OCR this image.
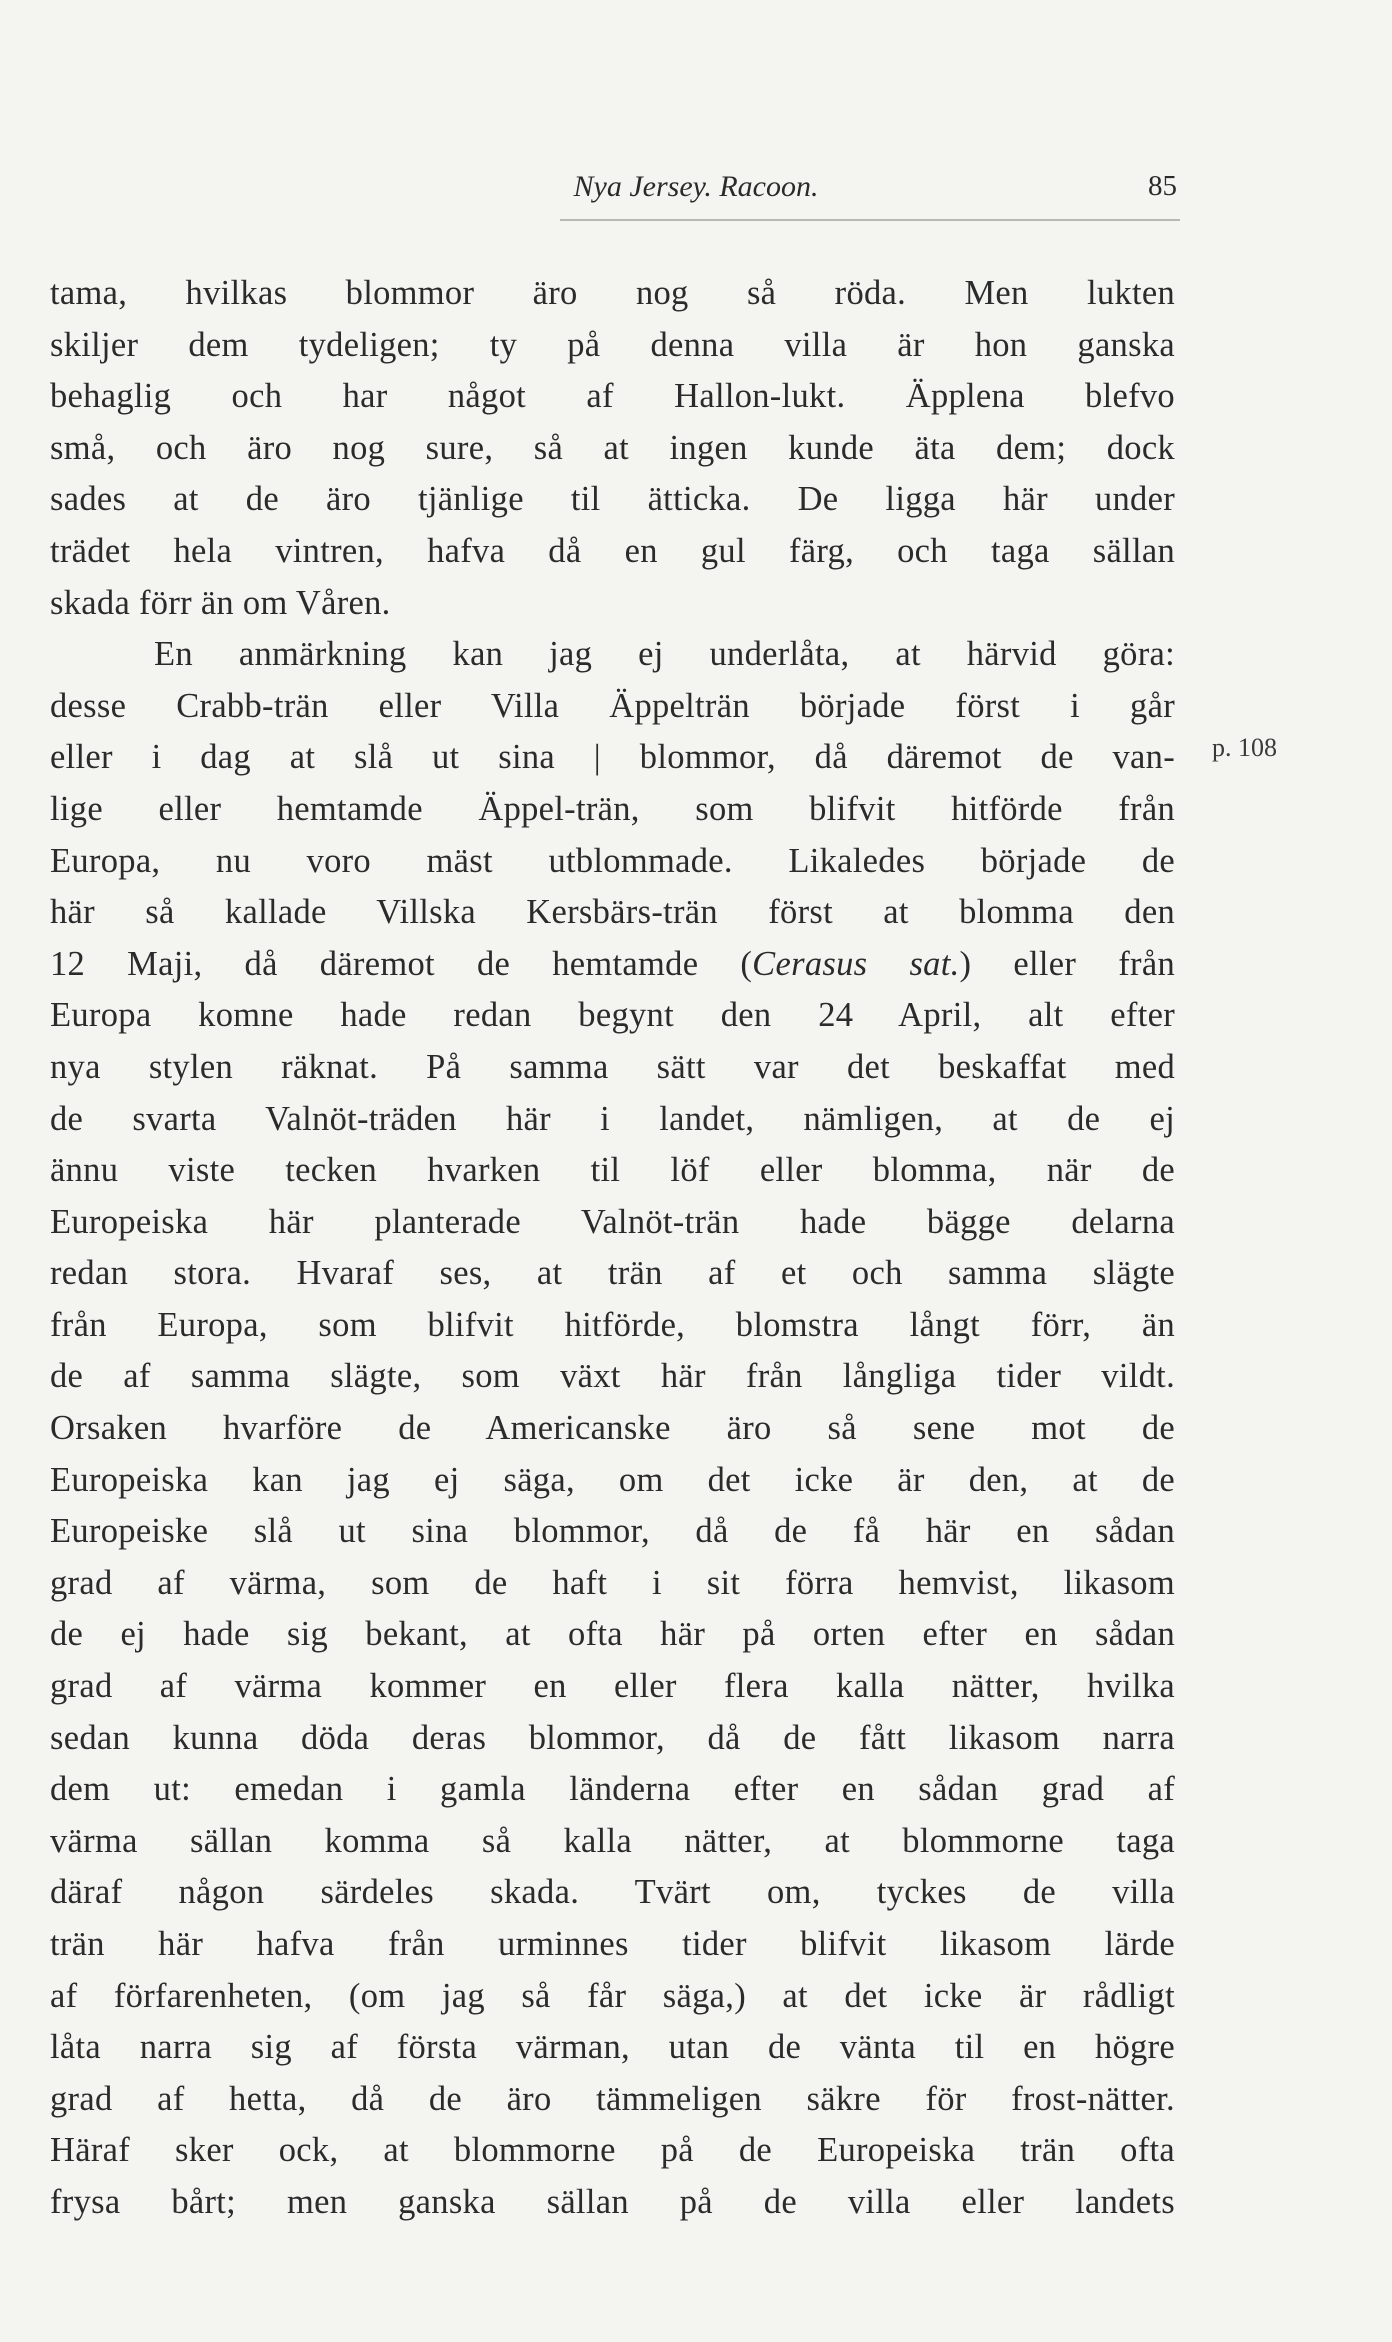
Nya Jersey. Racoon.	85
p. 108
tama, hvilkas blommor äro nog så röda. Men lukten
skiljer dem tydeligen; ty på denna villa är hon ganska
behaglig och har något af Hallon-lukt. Äpplena blefvo
små, och äro nog sure, så at ingen kunde äta dem; dock
sades at de äro tjänlige til ätticka. De ligga här under
trädet hela vintren, hafva då en gul färg, och taga sällan
skada förr än om Våren.
En anmärkning kan jag ej underlåta, at härvid göra:
desse Crabb-trän eller Villa Äppelträn började först i går
eller i dag at slå ut sina | blommor, då däremot de van-
lige eller hemtamde Äppel-trän, som blifvit hitförde från
Europa, nu voro mäst utblommade. Likaledes började de
här så kallade Villska Kersbärs-trän först at blomma den
12 Maji, då däremot de hemtamde (Cerasus sat.) eller från
Europa komne hade redan begynt den 24 April, alt efter
nya stylen räknat. På samma sätt var det beskaffat med
de svarta Valnöt-träden här i landet, nämligen, at de ej
ännu viste tecken hvarken til löf eller blomma, när de
Europeiska här planterade Valnöt-trän hade bägge delarna
redan stora. Hvaraf ses, at trän af et och samma slägte
från Europa, som blifvit hitförde, blomstra långt förr, än
de af samma slägte, som växt här från långliga tider vildt.
Orsaken hvarföre de Americanske äro så sene mot de
Europeiska kan jag ej säga, om det icke är den, at de
Europeiske slå ut sina blommor, då de få här en sådan
grad af värma, som de haft i sit förra hemvist, likasom
de ej hade sig bekant, at ofta här på orten efter en sådan
grad af värma kommer en eller flera kalla nätter, hvilka
sedan kunna döda deras blommor, då de fått likasom narra
dem ut: emedan i gamla länderna efter en sådan grad af
värma sällan komma så kalla nätter, at blommorne taga
däraf någon särdeles skada. Tvärt om, tyckes de villa
trän här hafva från urminnes tider blifvit likasom lärde
af förfarenheten, (om jag så får säga,) at det icke är rådligt
låta narra sig af första värman, utan de vänta til en högre
grad af hetta, då de äro tämmeligen säkre för frost-nätter.
Häraf sker ock, at blommorne på de Europeiska trän ofta
frysa bårt; men ganska sällan på de villa eller landets
